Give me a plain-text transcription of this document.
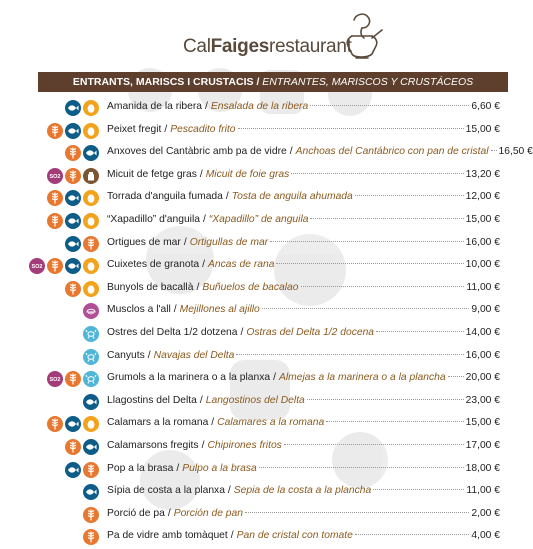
CalFaigesrestaurant
ENTRANTS, MARISCS I CRUSTACIS / ENTRANTES, MARISCOS Y CRUSTÁCEOS
Amanida de la ribera / Ensalada de la ribera	6,60 €
Peixet fregit / Pescadito frito	15,00 €
Anxoves del Cantàbric amb pa de vidre / Anchoas del Cantábrico con pan de cristal 16,50 €
SO2	Micuit de fetge gras / Micuit de foie gras	13,20 €
Torrada d'anguila fumada / Tosta de anguila ahumada	12,00 €
“Xapadillo” d'anguila / “Xapadillo” de anguila	15,00 €
Ortigues de mar / Ortigullas de mar	16,00 €
SO2	Cuixetes de granota / Ancas de rana	10,00 €
Bunyols de bacallà / Buñuelos de bacalao	11,00 €
Musclos a l'all / Mejillones al ajillo	9,00 €
Ostres del Delta 1/2 dotzena / Ostras del Delta 1/2 docena	14,00 €
Canyuts / Navajas del Delta	16,00 €
SO2	Grumols a la marinera o a la planxa / Almejas a la marinera o a la plancha 20,00 €
Llagostins del Delta / Langostinos del Delta	23,00 €
Calamars a la romana / Calamares a la romana	15,00 €
Calamarsons fregits / Chipirones fritos	17,00 €
Pop a la brasa / Pulpo a la brasa	18,00 €
Sípia de costa a la planxa / Sepia de la costa a la plancha	11,00 €
Porció de pa / Porción de pan	2,00 €
Pa de vidre amb tomàquet / Pan de cristal con tomate	4,00 €
